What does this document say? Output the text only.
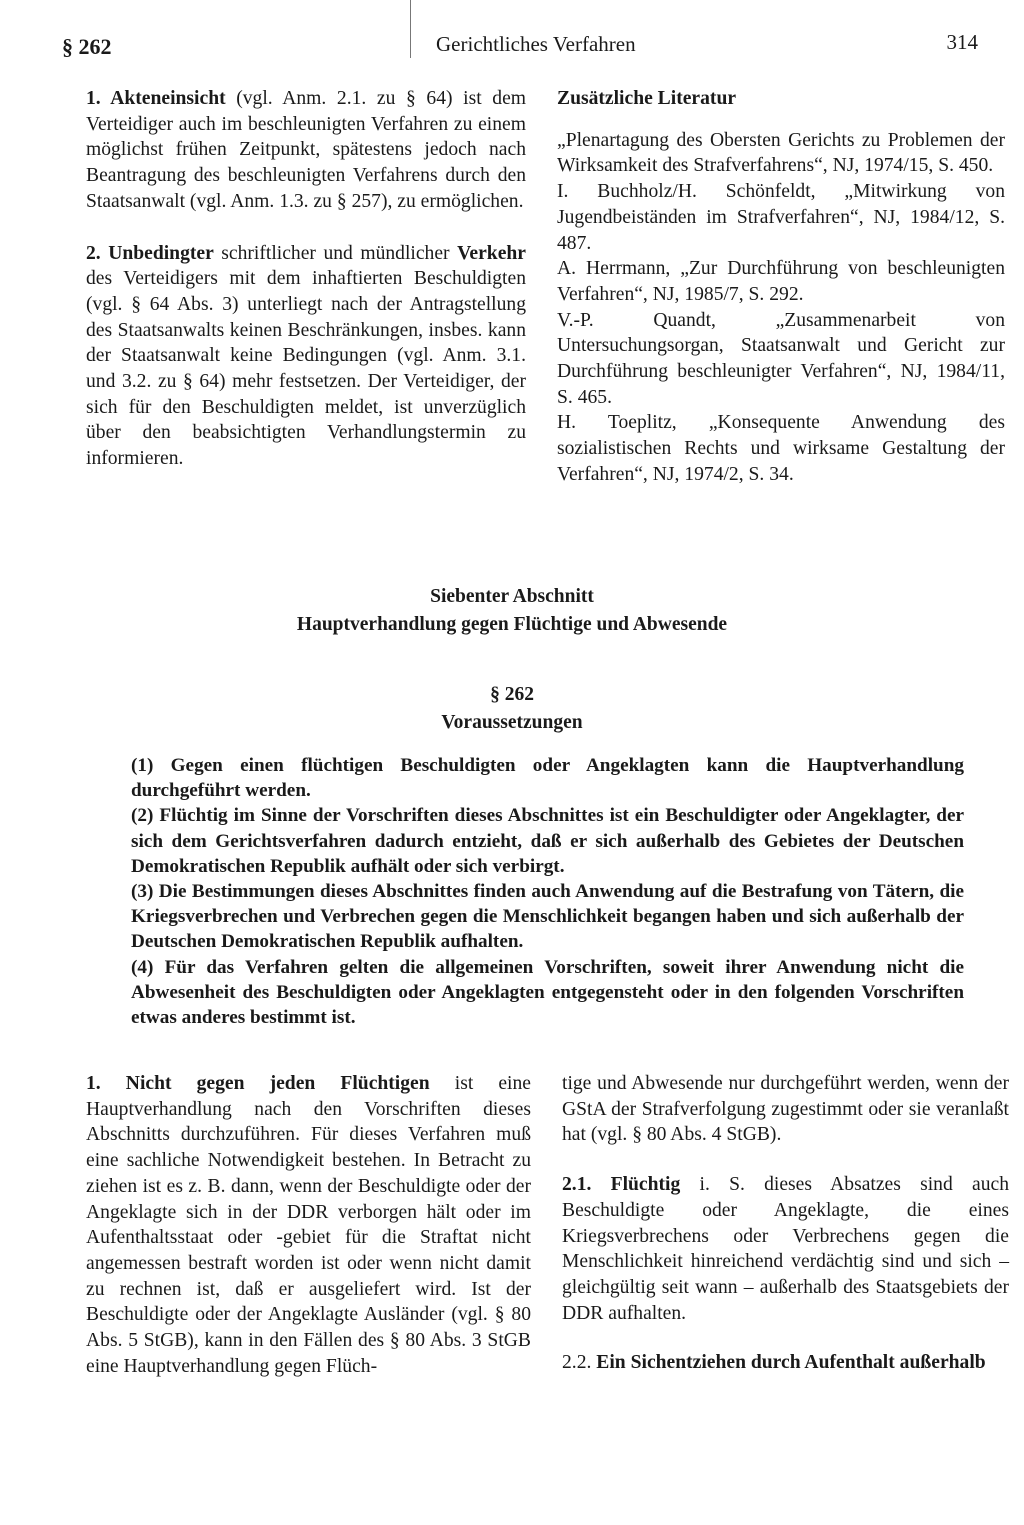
§ 262	Gerichtliches Verfahren	314

1. Akteneinsicht (vgl. Anm. 2.1. zu § 64) ist dem Verteidiger auch im beschleunigten Verfahren zu einem möglichst frühen Zeitpunkt, spätestens jedoch nach Beantragung des beschleunigten Verfahrens durch den Staatsanwalt (vgl. Anm. 1.3. zu § 257), zu ermöglichen.

2. Unbedingter schriftlicher und mündlicher Verkehr des Verteidigers mit dem inhaftierten Beschuldigten (vgl. § 64 Abs. 3) unterliegt nach der Antragstellung des Staatsanwalts keinen Beschränkungen, insbes. kann der Staatsanwalt keine Bedingungen (vgl. Anm. 3.1. und 3.2. zu § 64) mehr festsetzen. Der Verteidiger, der sich für den Beschuldigten meldet, ist unverzüglich über den beabsichtigten Verhandlungstermin zu informieren.

Zusätzliche Literatur

„Plenartagung des Obersten Gerichts zu Problemen der Wirksamkeit des Strafverfahrens“, NJ, 1974/15, S. 450.

I. Buchholz/H. Schönfeldt, „Mitwirkung von Jugendbeiständen im Strafverfahren“, NJ, 1984/12, S. 487.

A. Herrmann, „Zur Durchführung von beschleunigten Verfahren“, NJ, 1985/7, S. 292.

V.-P. Quandt, „Zusammenarbeit von Untersuchungsorgan, Staatsanwalt und Gericht zur Durchführung beschleunigter Verfahren“, NJ, 1984/11, S. 465.

H. Toeplitz, „Konsequente Anwendung des sozialistischen Rechts und wirksame Gestaltung der Verfahren“, NJ, 1974/2, S. 34.

Siebenter Abschnitt
Hauptverhandlung gegen Flüchtige und Abwesende
§ 262
Voraussetzungen

(1) Gegen einen flüchtigen Beschuldigten oder Angeklagten kann die Hauptverhandlung durchgeführt werden.

(2) Flüchtig im Sinne der Vorschriften dieses Abschnittes ist ein Beschuldigter oder Angeklagter, der sich dem Gerichtsverfahren dadurch entzieht, daß er sich außerhalb des Gebietes der Deutschen Demokratischen Republik aufhält oder sich verbirgt.

(3) Die Bestimmungen dieses Abschnittes finden auch Anwendung auf die Bestrafung von Tätern, die Kriegsverbrechen und Verbrechen gegen die Menschlichkeit begangen haben und sich außerhalb der Deutschen Demokratischen Republik aufhalten.

(4) Für das Verfahren gelten die allgemeinen Vorschriften, soweit ihrer Anwendung nicht die Abwesenheit des Beschuldigten oder Angeklagten entgegensteht oder in den folgenden Vorschriften etwas anderes bestimmt ist.

1. Nicht gegen jeden Flüchtigen ist eine Hauptverhandlung nach den Vorschriften dieses Abschnitts durchzuführen. Für dieses Verfahren muß eine sachliche Notwendigkeit bestehen. In Betracht zu ziehen ist es z. B. dann, wenn der Beschuldigte oder der Angeklagte sich in der DDR verborgen hält oder im Aufenthaltsstaat oder -gebiet für die Straftat nicht angemessen bestraft worden ist oder wenn nicht damit zu rechnen ist, daß er ausgeliefert wird. Ist der Beschuldigte oder der Angeklagte Ausländer (vgl. § 80 Abs. 5 StGB), kann in den Fällen des § 80 Abs. 3 StGB eine Hauptverhandlung gegen Flüch-

tige und Abwesende nur durchgeführt werden, wenn der GStA der Strafverfolgung zugestimmt oder sie veranlaßt hat (vgl. § 80 Abs. 4 StGB).

2.1. Flüchtig i. S. dieses Absatzes sind auch Beschuldigte oder Angeklagte, die eines Kriegsverbrechens oder Verbrechens gegen die Menschlichkeit hinreichend verdächtig sind und sich – gleichgültig seit wann – außerhalb des Staatsgebiets der DDR aufhalten.

2.2. Ein Sichentziehen durch Aufenthalt außerhalb
